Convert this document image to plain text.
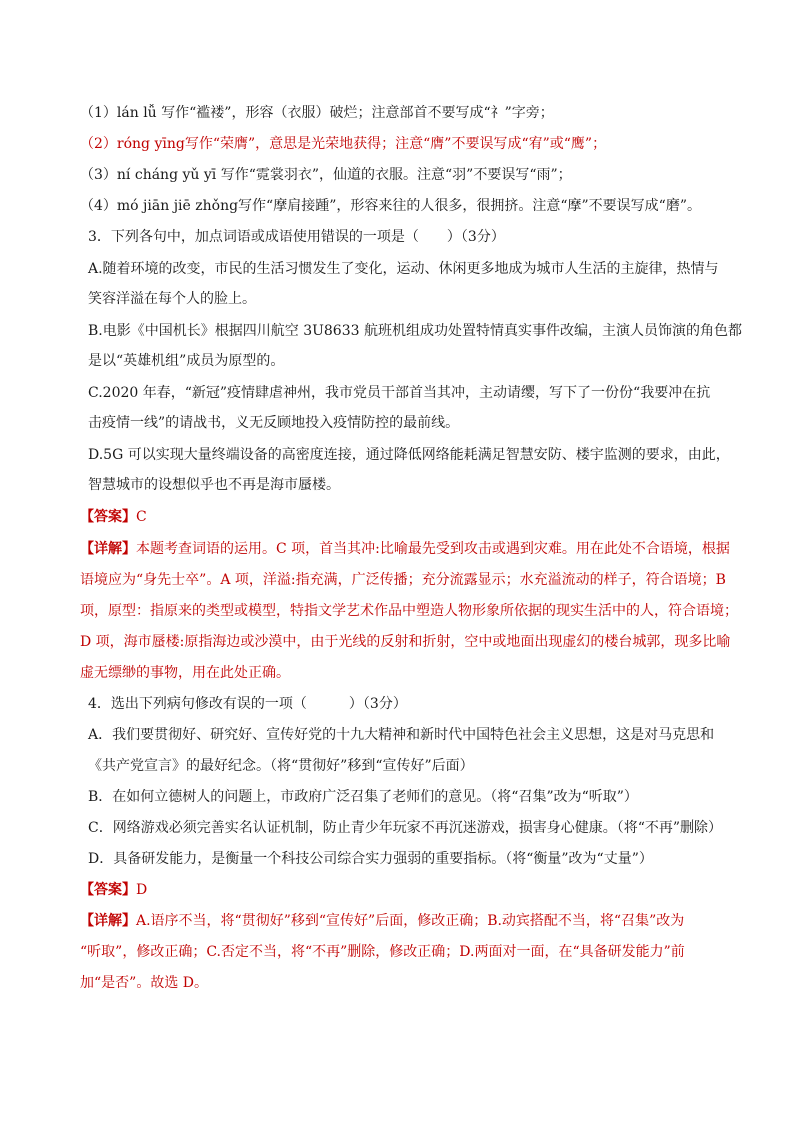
（1）lán lǚ 写作“褴褛”，形容（衣服）破烂；注意部首不要写成“礻”字旁；
（2）róng yīng写作“荣膺”，意思是光荣地获得；注意“膺”不要误写成“宥”或“鹰”；
（3）ní cháng yǔ yī 写作“霓裳羽衣”，仙道的衣服。注意“羽”不要误写“雨”；
（4）mó jiān jiē zhǒng写作“摩肩接踵”，形容来往的人很多，很拥挤。注意“摩”不要误写成“磨”。
3．下列各句中，加点词语或成语使用错误的一项是（　　）（3分）
A.随着环境的改变，市民的生活习惯发生了变化，运动、休闲更多地成为城市人生活的主旋律，热情与
笑容洋溢在每个人的脸上。
B.电影《中国机长》根据四川航空 3U8633 航班机组成功处置特情真实事件改编，主演人员饰演的角色都
是以“英雄机组”成员为原型的。
C.2020 年春，“新冠”疫情肆虐神州，我市党员干部首当其冲，主动请缨，写下了一份份“我要冲在抗
击疫情一线”的请战书，义无反顾地投入疫情防控的最前线。
D.5G 可以实现大量终端设备的高密度连接，通过降低网络能耗满足智慧安防、楼宇监测的要求，由此，
智慧城市的设想似乎也不再是海市蜃楼。
【答案】C
【详解】本题考查词语的运用。C 项，首当其冲:比喻最先受到攻击或遇到灾难。用在此处不合语境，根据
语境应为“身先士卒”。A 项，洋溢:指充满，广泛传播；充分流露显示；水充溢流动的样子，符合语境；B
项，原型：指原来的类型或模型，特指文学艺术作品中塑造人物形象所依据的现实生活中的人，符合语境；
D 项，海市蜃楼:原指海边或沙漠中，由于光线的反射和折射，空中或地面出现虚幻的楼台城郭，现多比喻
虚无缥缈的事物，用在此处正确。
4．选出下列病句修改有误的一项（　　　）（3分）
A．我们要贯彻好、研究好、宣传好党的十九大精神和新时代中国特色社会主义思想，这是对马克思和
《共产党宣言》的最好纪念。（将“贯彻好”移到“宣传好”后面）
B．在如何立德树人的问题上，市政府广泛召集了老师们的意见。（将“召集”改为“听取”）
C．网络游戏必须完善实名认证机制，防止青少年玩家不再沉迷游戏，损害身心健康。（将“不再”删除）
D．具备研发能力，是衡量一个科技公司综合实力强弱的重要指标。（将“衡量”改为“丈量”）
【答案】D
【详解】A.语序不当，将“贯彻好”移到“宣传好”后面，修改正确；B.动宾搭配不当，将“召集”改为
“听取”，修改正确；C.否定不当，将“不再”删除，修改正确；D.两面对一面，在“具备研发能力”前
加“是否”。故选 D。
